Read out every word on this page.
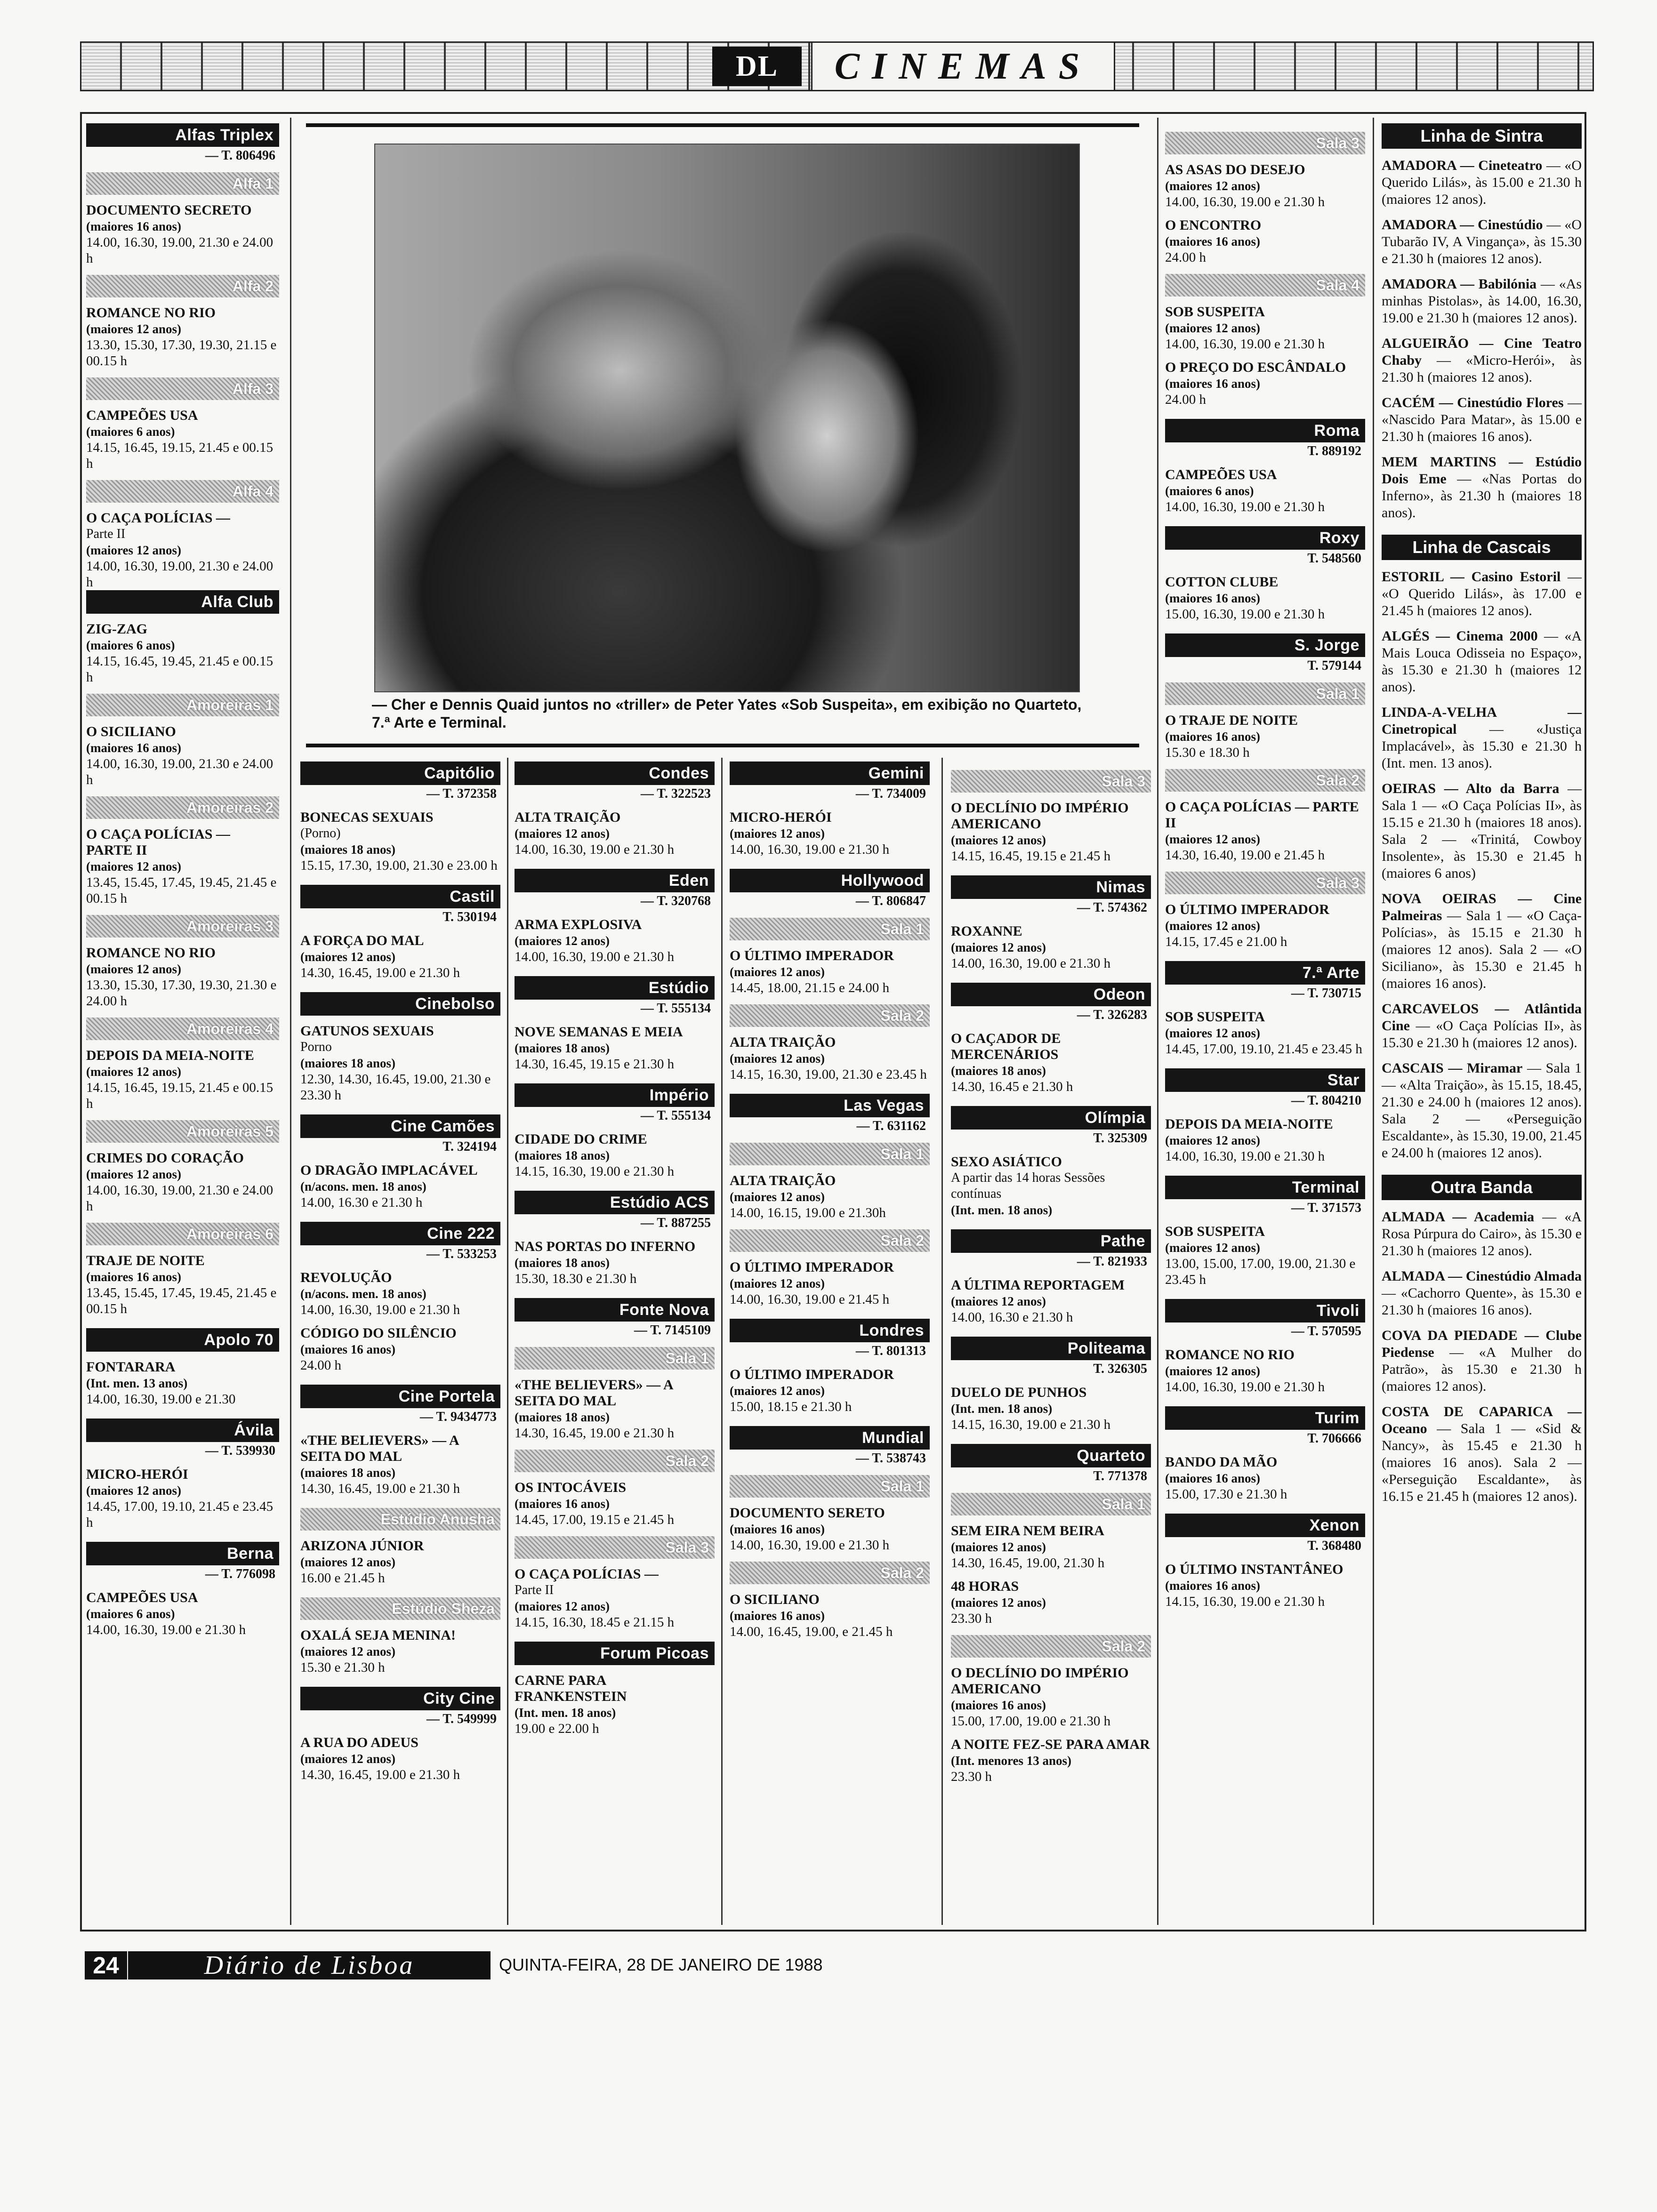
DL	CINEMAS
— Cher e Dennis Quaid juntos no «triller» de Peter Yates «Sob Suspeita», em exibição no Quarteto, 7.ª Arte e Terminal.
Alfas Triplex
— T. 806496
Alfa 1
DOCUMENTO SECRETO
(maiores 16 anos)
14.00, 16.30, 19.00, 21.30 e 24.00 h
Alfa 2
ROMANCE NO RIO
(maiores 12 anos)
13.30, 15.30, 17.30, 19.30, 21.15 e 00.15 h
Alfa 3
CAMPEÕES USA
(maiores 6 anos)
14.15, 16.45, 19.15, 21.45 e 00.15 h
Alfa 4
O CAÇA POLÍCIAS —
Parte II
(maiores 12 anos)
14.00, 16.30, 19.00, 21.30 e 24.00 h
Alfa Club
ZIG-ZAG
(maiores 6 anos)
14.15, 16.45, 19.45, 21.45 e 00.15 h
Amoreiras 1
O SICILIANO
(maiores 16 anos)
14.00, 16.30, 19.00, 21.30 e 24.00 h
Amoreiras 2
O CAÇA POLÍCIAS — PARTE II
(maiores 12 anos)
13.45, 15.45, 17.45, 19.45, 21.45 e 00.15 h
Amoreiras 3
ROMANCE NO RIO
(maiores 12 anos)
13.30, 15.30, 17.30, 19.30, 21.30 e 24.00 h
Amoreiras 4
DEPOIS DA MEIA-NOITE
(maiores 12 anos)
14.15, 16.45, 19.15, 21.45 e 00.15 h
Amoreiras 5
CRIMES DO CORAÇÃO
(maiores 12 anos)
14.00, 16.30, 19.00, 21.30 e 24.00 h
Amoreiras 6
TRAJE DE NOITE
(maiores 16 anos)
13.45, 15.45, 17.45, 19.45, 21.45 e 00.15 h
Apolo 70
FONTARARA
(Int. men. 13 anos)
14.00, 16.30, 19.00 e 21.30
Ávila
— T. 539930
MICRO-HERÓI
(maiores 12 anos)
14.45, 17.00, 19.10, 21.45 e 23.45 h
Berna
— T. 776098
CAMPEÕES USA
(maiores 6 anos)
14.00, 16.30, 19.00 e 21.30 h
Capitólio
— T. 372358
BONECAS SEXUAIS
(Porno)
(maiores 18 anos)
15.15, 17.30, 19.00, 21.30 e 23.00 h
Castil
T. 530194
A FORÇA DO MAL
(maiores 12 anos)
14.30, 16.45, 19.00 e 21.30 h
Cinebolso
GATUNOS SEXUAIS
Porno
(maiores 18 anos)
12.30, 14.30, 16.45, 19.00, 21.30 e 23.30 h
Cine Camões
T. 324194
O DRAGÃO IMPLACÁVEL
(n/acons. men. 18 anos)
14.00, 16.30 e 21.30 h
Cine 222
— T. 533253
REVOLUÇÃO
(n/acons. men. 18 anos)
14.00, 16.30, 19.00 e 21.30 h
CÓDIGO DO SILÊNCIO
(maiores 16 anos)
24.00 h
Cine Portela
— T. 9434773
«THE BELIEVERS» — A SEITA DO MAL
(maiores 18 anos)
14.30, 16.45, 19.00 e 21.30 h
Estúdio Anusha
ARIZONA JÚNIOR
(maiores 12 anos)
16.00 e 21.45 h
Estúdio Sheza
OXALÁ SEJA MENINA!
(maiores 12 anos)
15.30 e 21.30 h
City Cine
— T. 549999
A RUA DO ADEUS
(maiores 12 anos)
14.30, 16.45, 19.00 e 21.30 h
Condes
— T. 322523
ALTA TRAIÇÃO
(maiores 12 anos)
14.00, 16.30, 19.00 e 21.30 h
Eden
— T. 320768
ARMA EXPLOSIVA
(maiores 12 anos)
14.00, 16.30, 19.00 e 21.30 h
Estúdio
— T. 555134
NOVE SEMANAS E MEIA
(maiores 18 anos)
14.30, 16.45, 19.15 e 21.30 h
Império
— T. 555134
CIDADE DO CRIME
(maiores 18 anos)
14.15, 16.30, 19.00 e 21.30 h
Estúdio ACS
— T. 887255
NAS PORTAS DO INFERNO
(maiores 18 anos)
15.30, 18.30 e 21.30 h
Fonte Nova
— T. 7145109
Sala 1
«THE BELIEVERS» — A SEITA DO MAL
(maiores 18 anos)
14.30, 16.45, 19.00 e 21.30 h
Sala 2
OS INTOCÁVEIS
(maiores 16 anos)
14.45, 17.00, 19.15 e 21.45 h
Sala 3
O CAÇA POLÍCIAS —
Parte II
(maiores 12 anos)
14.15, 16.30, 18.45 e 21.15 h
Forum Picoas
CARNE PARA FRANKENSTEIN
(Int. men. 18 anos)
19.00 e 22.00 h
Gemini
— T. 734009
MICRO-HERÓI
(maiores 12 anos)
14.00, 16.30, 19.00 e 21.30 h
Hollywood
— T. 806847
Sala 1
O ÚLTIMO IMPERADOR
(maiores 12 anos)
14.45, 18.00, 21.15 e 24.00 h
Sala 2
ALTA TRAIÇÃO
(maiores 12 anos)
14.15, 16.30, 19.00, 21.30 e 23.45 h
Las Vegas
— T. 631162
Sala 1
ALTA TRAIÇÃO
(maiores 12 anos)
14.00, 16.15, 19.00 e 21.30h
Sala 2
O ÚLTIMO IMPERADOR
(maiores 12 anos)
14.00, 16.30, 19.00 e 21.45 h
Londres
— T. 801313
O ÚLTIMO IMPERADOR
(maiores 12 anos)
15.00, 18.15 e 21.30 h
Mundial
— T. 538743
Sala 1
DOCUMENTO SERETO
(maiores 16 anos)
14.00, 16.30, 19.00 e 21.30 h
Sala 2
O SICILIANO
(maiores 16 anos)
14.00, 16.45, 19.00, e 21.45 h
Sala 3
O DECLÍNIO DO IMPÉRIO AMERICANO
(maiores 12 anos)
14.15, 16.45, 19.15 e 21.45 h
Nimas
— T. 574362
ROXANNE
(maiores 12 anos)
14.00, 16.30, 19.00 e 21.30 h
Odeon
— T. 326283
O CAÇADOR DE MERCENÁRIOS
(maiores 18 anos)
14.30, 16.45 e 21.30 h
Olímpia
T. 325309
SEXO ASIÁTICO
A partir das 14 horas Sessões contínuas
(Int. men. 18 anos)
Pathe
— T. 821933
A ÚLTIMA REPORTAGEM
(maiores 12 anos)
14.00, 16.30 e 21.30 h
Politeama
T. 326305
DUELO DE PUNHOS
(Int. men. 18 anos)
14.15, 16.30, 19.00 e 21.30 h
Quarteto
T. 771378
Sala 1
SEM EIRA NEM BEIRA
(maiores 12 anos)
14.30, 16.45, 19.00, 21.30 h
48 HORAS
(maiores 12 anos)
23.30 h
Sala 2
O DECLÍNIO DO IMPÉRIO AMERICANO
(maiores 16 anos)
15.00, 17.00, 19.00 e 21.30 h
A NOITE FEZ-SE PARA AMAR
(Int. menores 13 anos)
23.30 h
Sala 3
AS ASAS DO DESEJO
(maiores 12 anos)
14.00, 16.30, 19.00 e 21.30 h
O ENCONTRO
(maiores 16 anos)
24.00 h
Sala 4
SOB SUSPEITA
(maiores 12 anos)
14.00, 16.30, 19.00 e 21.30 h
O PREÇO DO ESCÂNDALO
(maiores 16 anos)
24.00 h
Roma
T. 889192
CAMPEÕES USA
(maiores 6 anos)
14.00, 16.30, 19.00 e 21.30 h
Roxy
T. 548560
COTTON CLUBE
(maiores 16 anos)
15.00, 16.30, 19.00 e 21.30 h
S. Jorge
T. 579144
Sala 1
O TRAJE DE NOITE
(maiores 16 anos)
15.30 e 18.30 h
Sala 2
O CAÇA POLÍCIAS — PARTE II
(maiores 12 anos)
14.30, 16.40, 19.00 e 21.45 h
Sala 3
O ÚLTIMO IMPERADOR
(maiores 12 anos)
14.15, 17.45 e 21.00 h
7.ª Arte
— T. 730715
SOB SUSPEITA
(maiores 12 anos)
14.45, 17.00, 19.10, 21.45 e 23.45 h
Star
— T. 804210
DEPOIS DA MEIA-NOITE
(maiores 12 anos)
14.00, 16.30, 19.00 e 21.30 h
Terminal
— T. 371573
SOB SUSPEITA
(maiores 12 anos)
13.00, 15.00, 17.00, 19.00, 21.30 e 23.45 h
Tivoli
— T. 570595
ROMANCE NO RIO
(maiores 12 anos)
14.00, 16.30, 19.00 e 21.30 h
Turim
T. 706666
BANDO DA MÃO
(maiores 16 anos)
15.00, 17.30 e 21.30 h
Xenon
T. 368480
O ÚLTIMO INSTANTÂNEO
(maiores 16 anos)
14.15, 16.30, 19.00 e 21.30 h
Linha de Sintra
AMADORA — Cineteatro — «O Querido Lilás», às 15.00 e 21.30 h (maiores 12 anos).
AMADORA — Cinestúdio — «O Tubarão IV, A Vingança», às 15.30 e 21.30 h (maiores 12 anos).
AMADORA — Babilónia — «As minhas Pistolas», às 14.00, 16.30, 19.00 e 21.30 h (maiores 12 anos).
ALGUEIRÃO — Cine Teatro Chaby — «Micro-Herói», às 21.30 h (maiores 12 anos).
CACÉM — Cinestúdio Flores — «Nascido Para Matar», às 15.00 e 21.30 h (maiores 16 anos).
MEM MARTINS — Estúdio Dois Eme — «Nas Portas do Inferno», às 21.30 h (maiores 18 anos).
Linha de Cascais
ESTORIL — Casino Estoril — «O Querido Lilás», às 17.00 e 21.45 h (maiores 12 anos).
ALGÉS — Cinema 2000 — «A Mais Louca Odisseia no Espaço», às 15.30 e 21.30 h (maiores 12 anos).
LINDA-A-VELHA — Cinetropical — «Justiça Implacável», às 15.30 e 21.30 h (Int. men. 13 anos).
OEIRAS — Alto da Barra — Sala 1 — «O Caça Polícias II», às 15.15 e 21.30 h (maiores 18 anos). Sala 2 — «Trinitá, Cowboy Insolente», às 15.30 e 21.45 h (maiores 6 anos)
NOVA OEIRAS — Cine Palmeiras — Sala 1 — «O Caça-Polícias», às 15.15 e 21.30 h (maiores 12 anos). Sala 2 — «O Siciliano», às 15.30 e 21.45 h (maiores 16 anos).
CARCAVELOS — Atlântida Cine — «O Caça Polícias II», às 15.30 e 21.30 h (maiores 12 anos).
CASCAIS — Miramar — Sala 1 — «Alta Traição», às 15.15, 18.45, 21.30 e 24.00 h (maiores 12 anos). Sala 2 — «Perseguição Escaldante», às 15.30, 19.00, 21.45 e 24.00 h (maiores 12 anos).
Outra Banda
ALMADA — Academia — «A Rosa Púrpura do Cairo», às 15.30 e 21.30 h (maiores 12 anos).
ALMADA — Cinestúdio Almada — «Cachorro Quente», às 15.30 e 21.30 h (maiores 16 anos).
COVA DA PIEDADE — Clube Piedense — «A Mulher do Patrão», às 15.30 e 21.30 h (maiores 12 anos).
COSTA DE CAPARICA — Oceano — Sala 1 — «Sid & Nancy», às 15.45 e 21.30 h (maiores 16 anos). Sala 2 — «Perseguição Escaldante», às 16.15 e 21.45 h (maiores 12 anos).
24	Diário de Lisboa	QUINTA-FEIRA, 28 DE JANEIRO DE 1988
